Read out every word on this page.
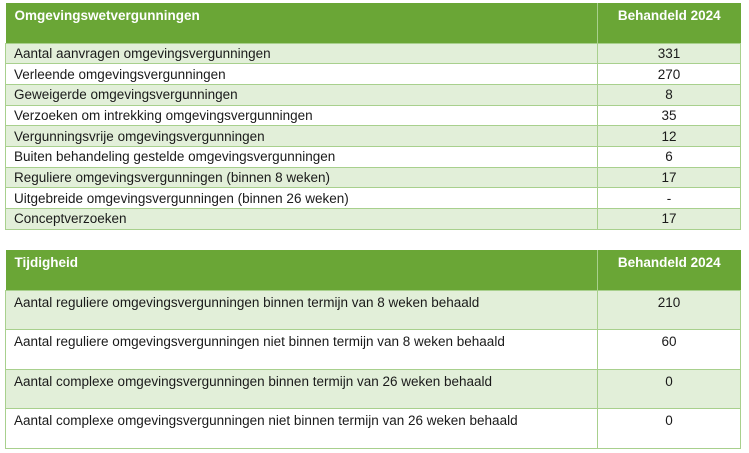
Omgevingswetvergunningen	Behandeld 2024
Aantal aanvragen omgevingsvergunningen	331
Verleende omgevingsvergunningen	270
Geweigerde omgevingsvergunningen	8
Verzoeken om intrekking omgevingsvergunningen	35
Vergunningsvrije omgevingsvergunningen	12
Buiten behandeling gestelde omgevingsvergunningen	6
Reguliere omgevingsvergunningen (binnen 8 weken)	17
Uitgebreide omgevingsvergunningen (binnen 26 weken)	-
Conceptverzoeken	17
Tijdigheid	Behandeld 2024
Aantal reguliere omgevingsvergunningen binnen termijn van 8 weken behaald	210
Aantal reguliere omgevingsvergunningen niet binnen termijn van 8 weken behaald	60
Aantal complexe omgevingsvergunningen binnen termijn van 26 weken behaald	0
Aantal complexe omgevingsvergunningen niet binnen termijn van 26 weken behaald	0
